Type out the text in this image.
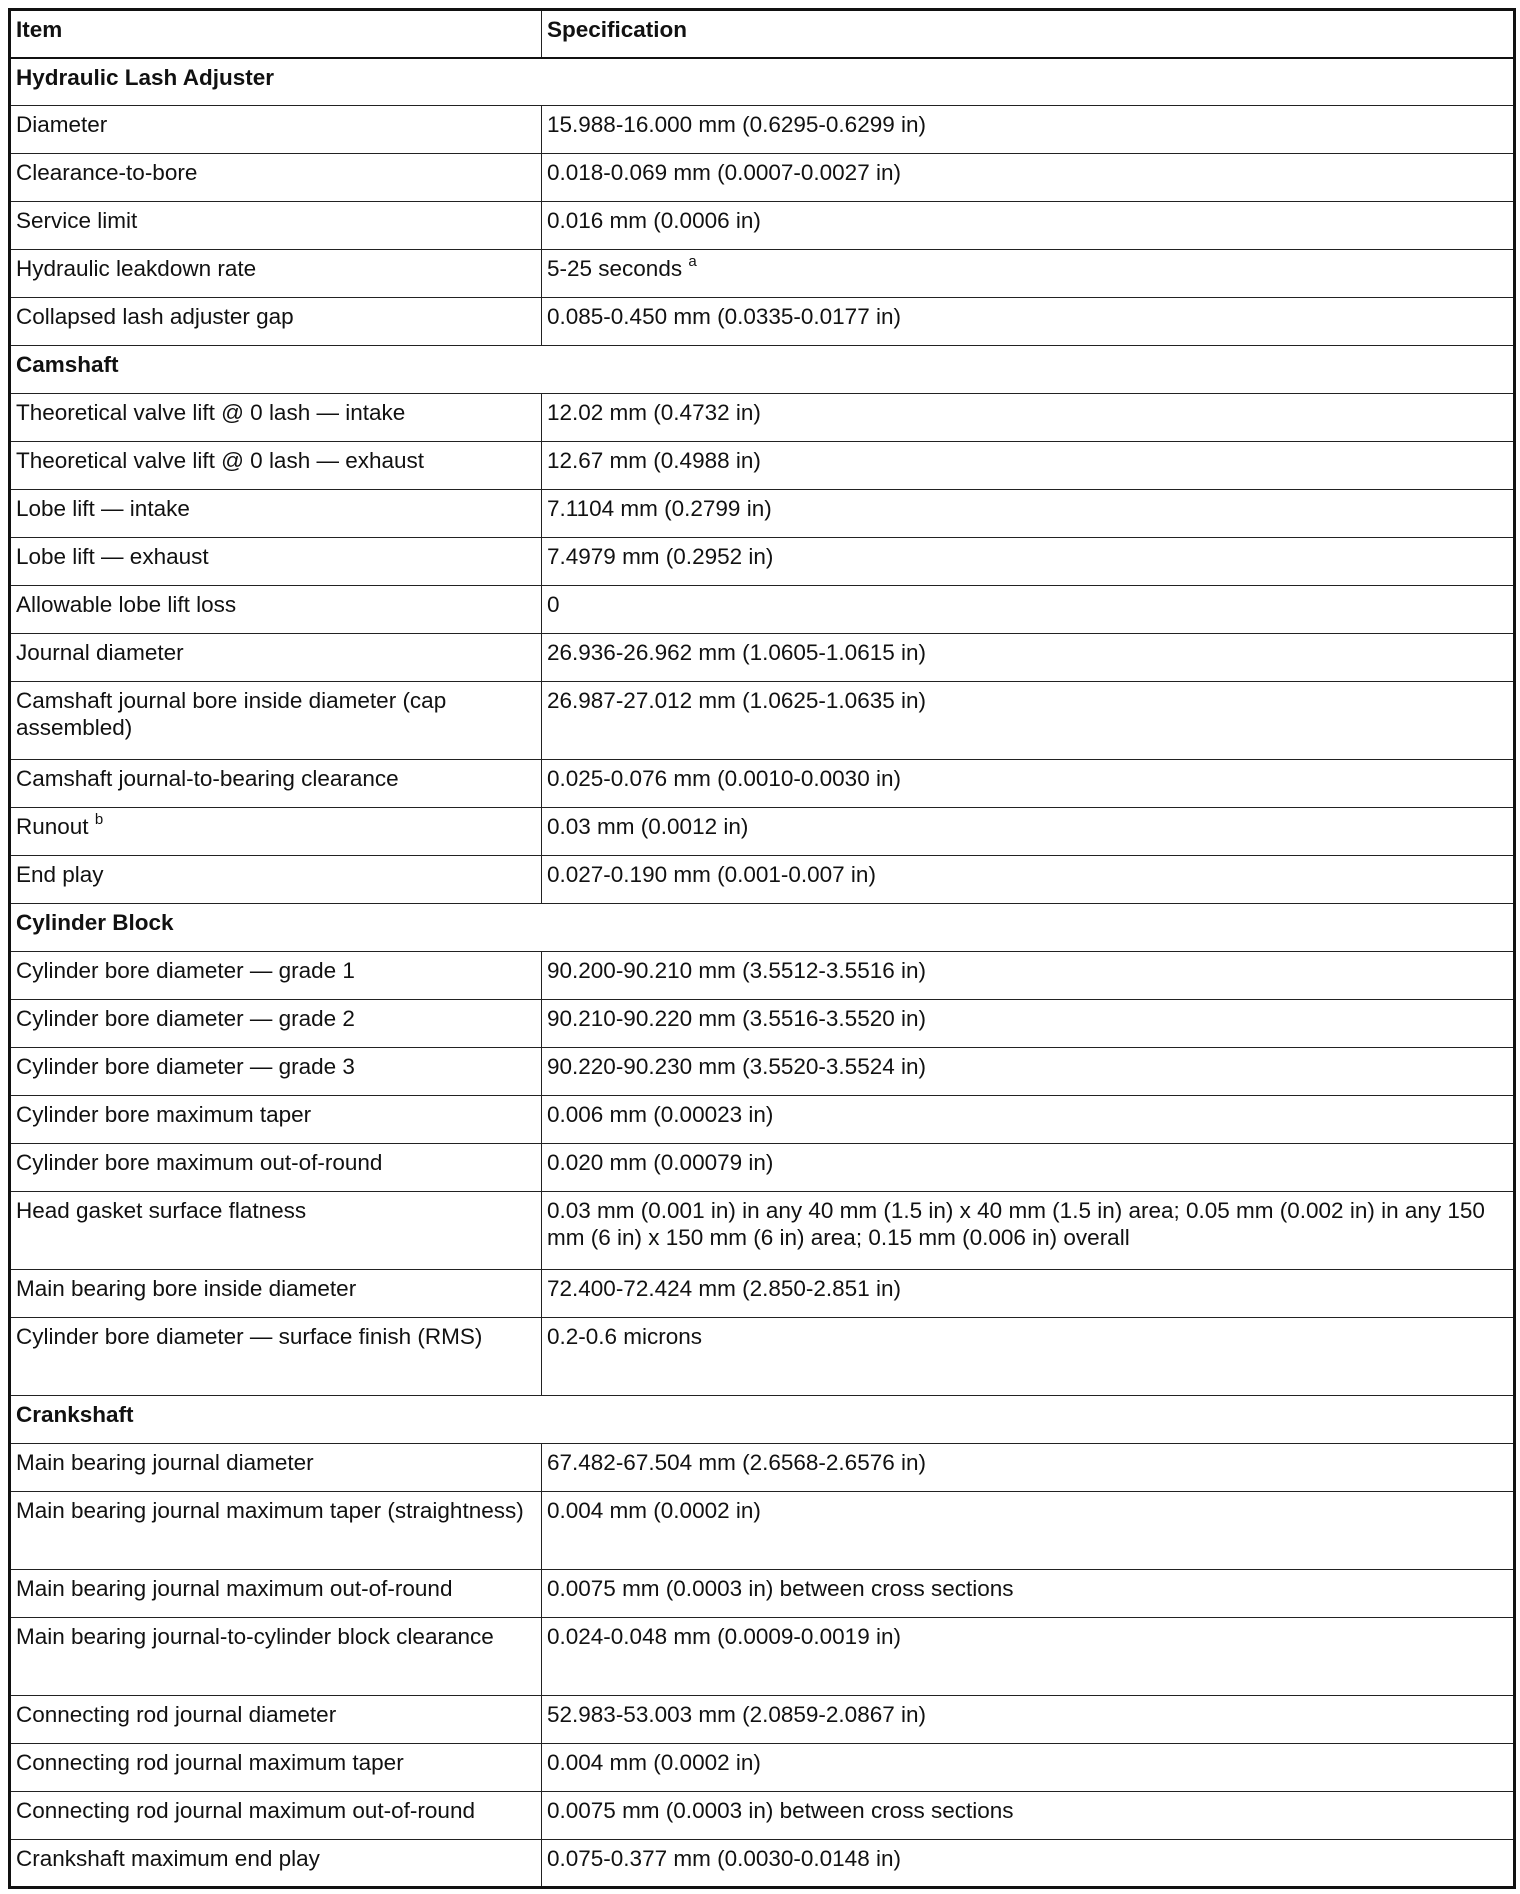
Item	Specification
Hydraulic Lash Adjuster	
Diameter	15.988-16.000 mm (0.6295-0.6299 in)
Clearance-to-bore	0.018-0.069 mm (0.0007-0.0027 in)
Service limit	0.016 mm (0.0006 in)
Hydraulic leakdown rate	5-25 seconds $^a$
Collapsed lash adjuster gap	0.085-0.450 mm (0.0335-0.0177 in)
Camshaft	
Theoretical valve lift @ 0 lash — intake	12.02 mm (0.4732 in)
Theoretical valve lift @ 0 lash — exhaust	12.67 mm (0.4988 in)
Lobe lift — intake	7.1104 mm (0.2799 in)
Lobe lift — exhaust	7.4979 mm (0.2952 in)
Allowable lobe lift loss	0
Journal diameter	26.936-26.962 mm (1.0605-1.0615 in)
Camshaft journal bore inside diameter (cap assembled)	26.987-27.012 mm (1.0625-1.0635 in)
Camshaft journal-to-bearing clearance	0.025-0.076 mm (0.0010-0.0030 in)
Runout $^b$	0.03 mm (0.0012 in)
End play	0.027-0.190 mm (0.001-0.007 in)
Cylinder Block	
Cylinder bore diameter — grade 1	90.200-90.210 mm (3.5512-3.5516 in)
Cylinder bore diameter — grade 2	90.210-90.220 mm (3.5516-3.5520 in)
Cylinder bore diameter — grade 3	90.220-90.230 mm (3.5520-3.5524 in)
Cylinder bore maximum taper	0.006 mm (0.00023 in)
Cylinder bore maximum out-of-round	0.020 mm (0.00079 in)
Head gasket surface flatness	0.03 mm (0.001 in) in any 40 mm (1.5 in) x 40 mm (1.5 in) area; 0.05 mm (0.002 in) in any 150 mm (6 in) x 150 mm (6 in) area; 0.15 mm (0.006 in) overall
Main bearing bore inside diameter	72.400-72.424 mm (2.850-2.851 in)
Cylinder bore diameter — surface finish (RMS)	0.2-0.6 microns
Crankshaft	
Main bearing journal diameter	67.482-67.504 mm (2.6568-2.6576 in)
Main bearing journal maximum taper (straightness)	0.004 mm (0.0002 in)
Main bearing journal maximum out-of-round	0.0075 mm (0.0003 in) between cross sections
Main bearing journal-to-cylinder block clearance	0.024-0.048 mm (0.0009-0.0019 in)
Connecting rod journal diameter	52.983-53.003 mm (2.0859-2.0867 in)
Connecting rod journal maximum taper	0.004 mm (0.0002 in)
Connecting rod journal maximum out-of-round	0.0075 mm (0.0003 in) between cross sections
Crankshaft maximum end play	0.075-0.377 mm (0.0030-0.0148 in)
